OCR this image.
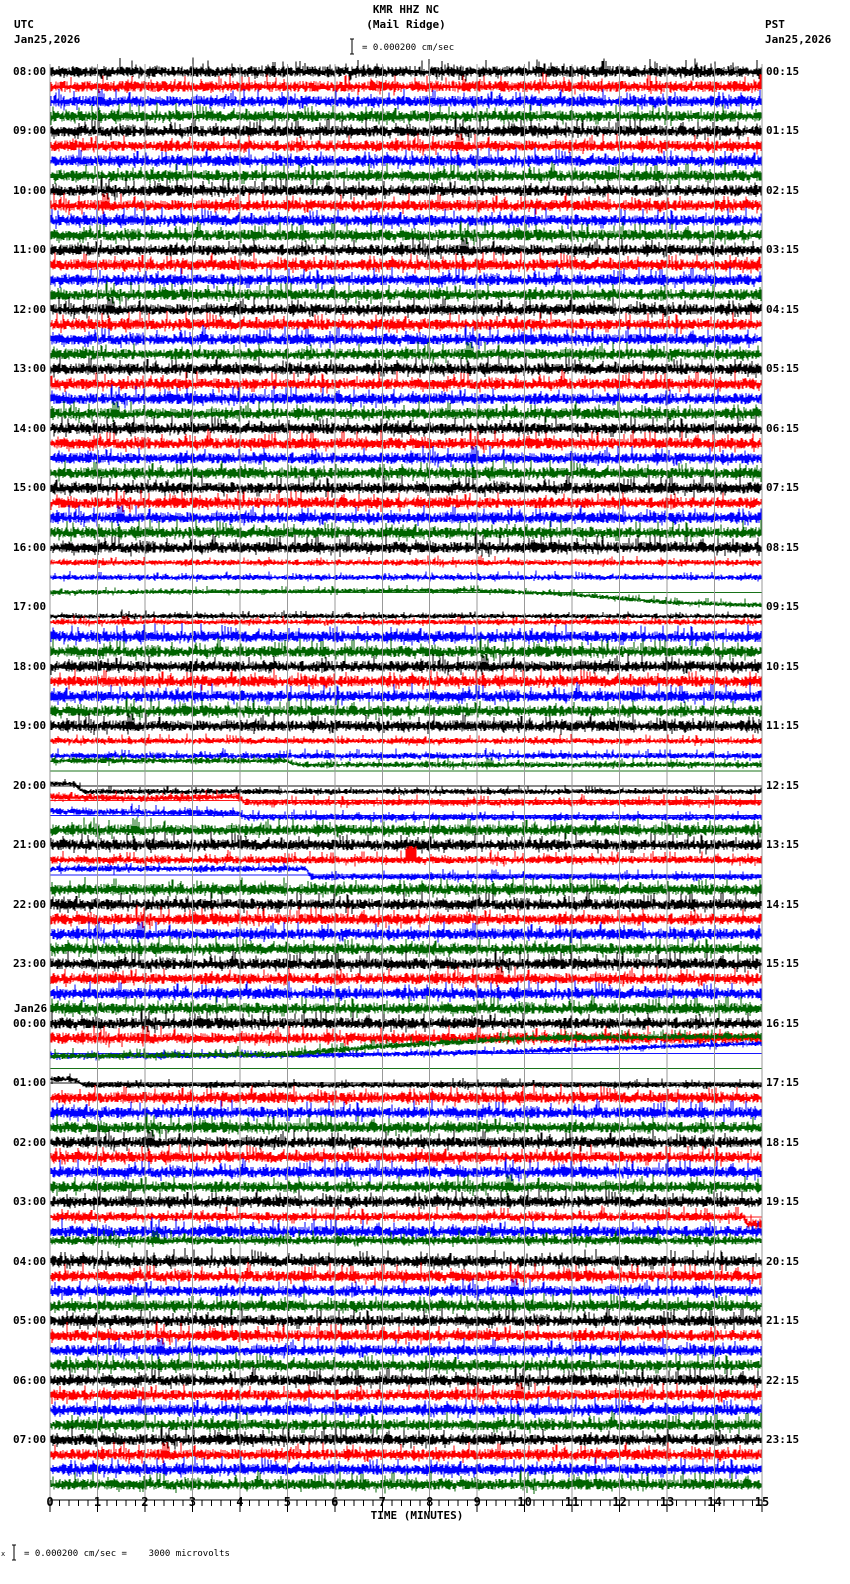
KMR HHZ NC
(Mail Ridge)
UTC
Jan25,2026
PST
Jan25,2026
= 0.000200 cm/sec
08:00
09:00
10:00
11:00
12:00
13:00
14:00
15:00
16:00
17:00
18:00
19:00
20:00
21:00
22:00
23:00
Jan26
00:00
01:00
02:00
03:00
04:00
05:00
06:00
07:00
00:15
01:15
02:15
03:15
04:15
05:15
06:15
07:15
08:15
09:15
10:15
11:15
12:15
13:15
14:15
15:15
16:15
17:15
18:15
19:15
20:15
21:15
22:15
23:15
0	1	2	3	4	5	6	7	8	9	10	11	12	13	14	15
TIME (MINUTES)
x = 0.000200 cm/sec =    3000 microvolts
